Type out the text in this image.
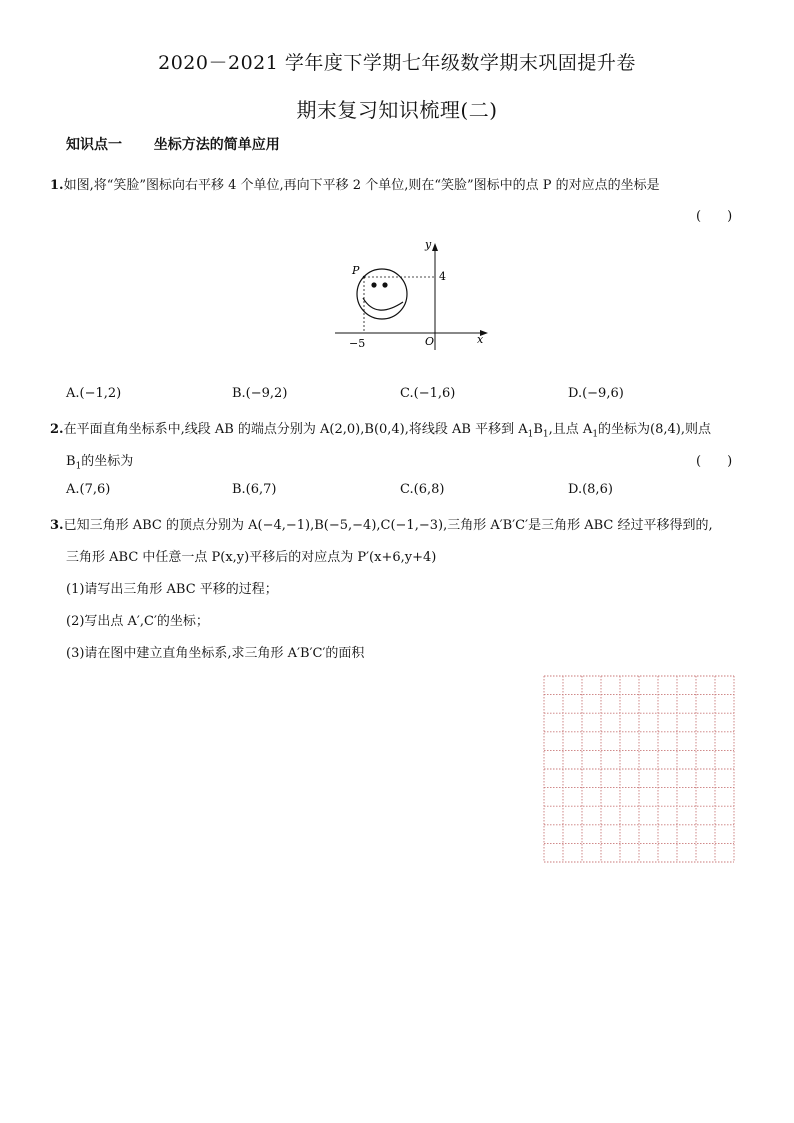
2020－2021 学年度下学期七年级数学期末巩固提升卷
期末复习知识梳理(二)
知识点一 坐标方法的简单应用
1.如图,将“笑脸”图标向右平移 4 个单位,再向下平移 2 个单位,则在“笑脸”图标中的点 P 的对应点的坐标是
(　　)
y
x
O
4
−5
P
A.(−1,2)	B.(−9,2)	C.(−1,6)	D.(−9,6)
2.在平面直角坐标系中,线段 AB 的端点分别为 A(2,0),B(0,4),将线段 AB 平移到 $A_1B_1$,且点 $A_1$的坐标为(8,4),则点
$B_1$的坐标为	(　　)
A.(7,6)	B.(6,7)	C.(6,8)	D.(8,6)
3.已知三角形 ABC 的顶点分别为 A(−4,−1),B(−5,−4),C(−1,−3),三角形 A′B′C′是三角形 ABC 经过平移得到的,
三角形 ABC 中任意一点 P(x,y)平移后的对应点为 P′(x+6,y+4)
(1)请写出三角形 ABC 平移的过程；
(2)写出点 A′,C′的坐标；
(3)请在图中建立直角坐标系,求三角形 A′B′C′的面积
